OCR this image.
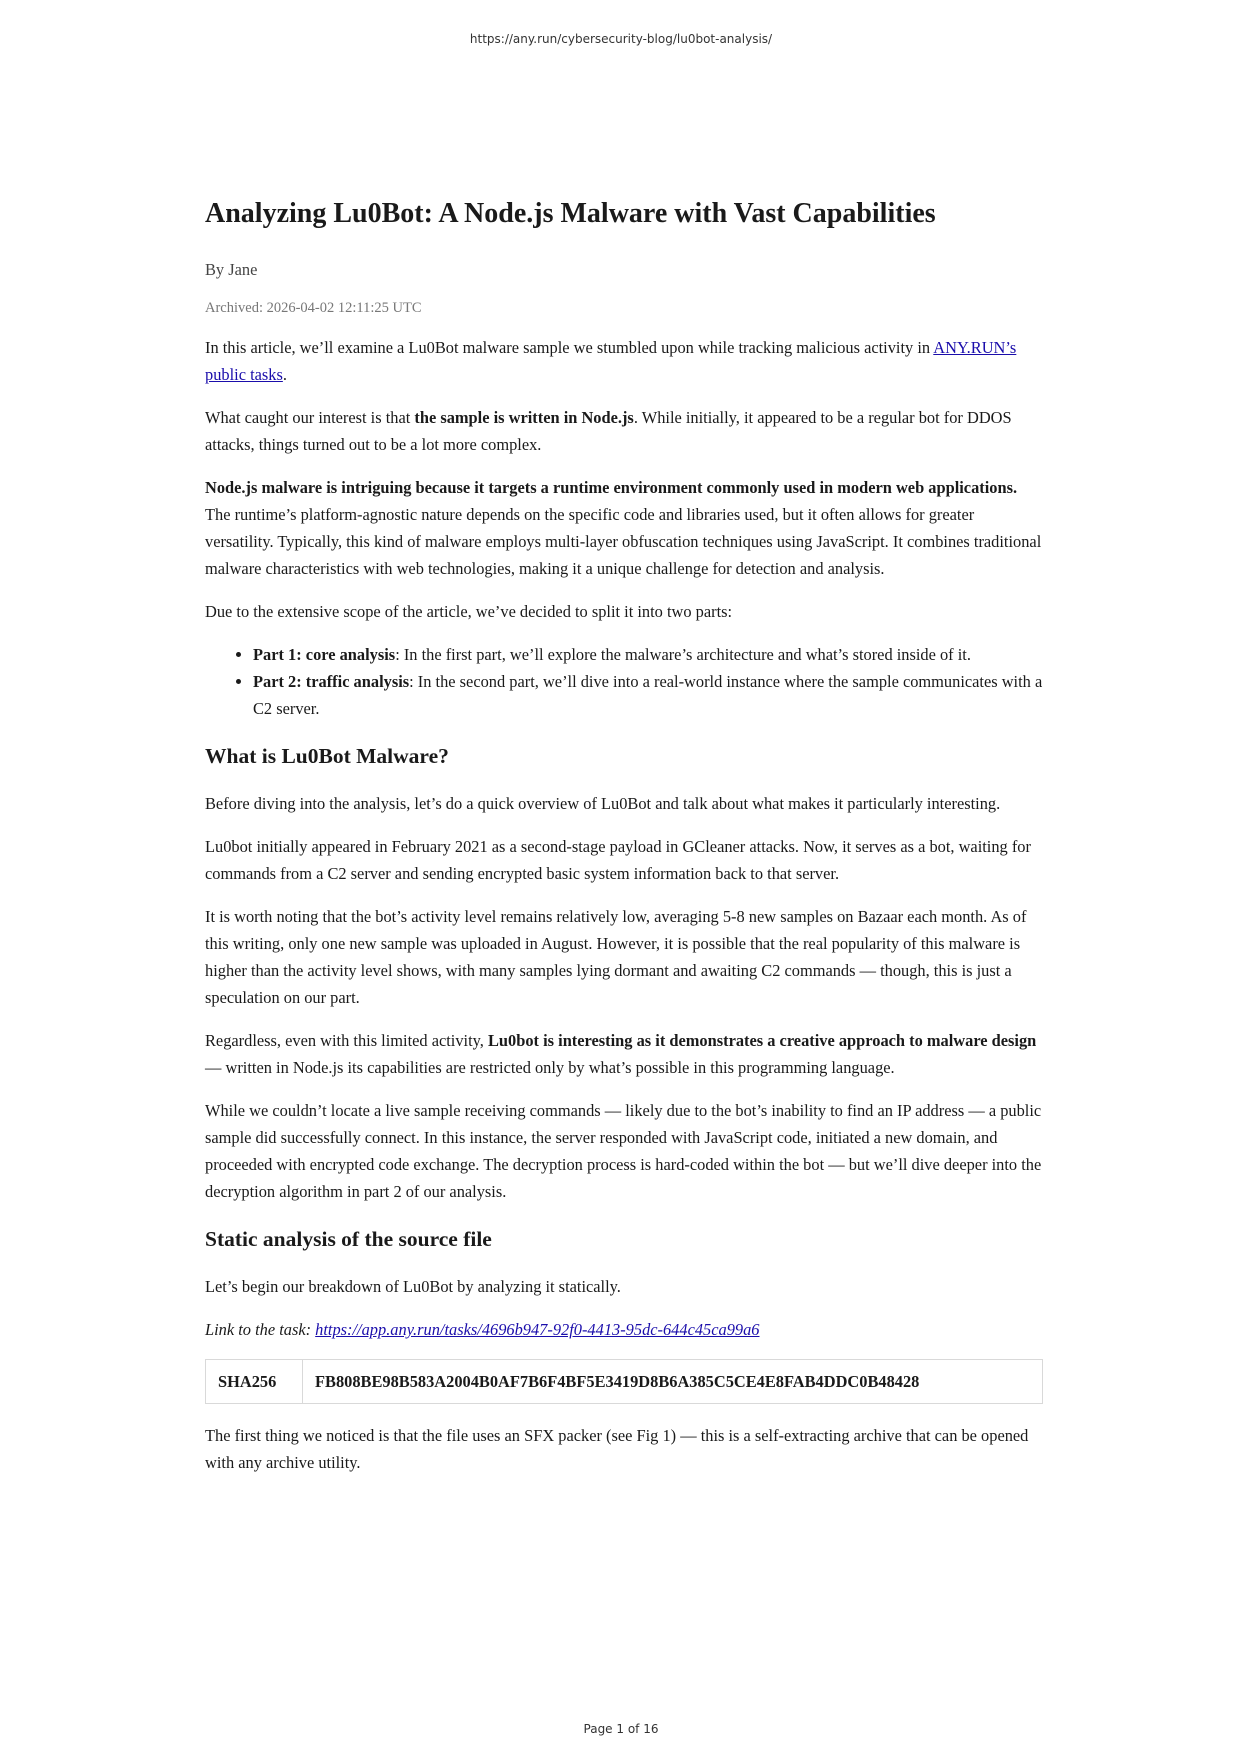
https://any.run/cybersecurity-blog/lu0bot-analysis/
Analyzing Lu0Bot: A Node.js Malware with Vast Capabilities
By Jane
Archived: 2026-04-02 12:11:25 UTC

In this article, we’ll examine a Lu0Bot malware sample we stumbled upon while tracking malicious activity in ANY.RUN’s public tasks.

What caught our interest is that the sample is written in Node.js. While initially, it appeared to be a regular bot for DDOS attacks, things turned out to be a lot more complex.

Node.js malware is intriguing because it targets a runtime environment commonly used in modern web applications. The runtime’s platform-agnostic nature depends on the specific code and libraries used, but it often allows for greater versatility. Typically, this kind of malware employs multi-layer obfuscation techniques using JavaScript. It combines traditional malware characteristics with web technologies, making it a unique challenge for detection and analysis.

Due to the extensive scope of the article, we’ve decided to split it into two parts:

• Part 1: core analysis: In the first part, we’ll explore the malware’s architecture and what’s stored inside of it.
• Part 2: traffic analysis: In the second part, we’ll dive into a real-world instance where the sample communicates with a C2 server.
What is Lu0Bot Malware?

Before diving into the analysis, let’s do a quick overview of Lu0Bot and talk about what makes it particularly interesting.

Lu0bot initially appeared in February 2021 as a second-stage payload in GCleaner attacks. Now, it serves as a bot, waiting for commands from a C2 server and sending encrypted basic system information back to that server.

It is worth noting that the bot’s activity level remains relatively low, averaging 5-8 new samples on Bazaar each month. As of this writing, only one new sample was uploaded in August. However, it is possible that the real popularity of this malware is higher than the activity level shows, with many samples lying dormant and awaiting C2 commands — though, this is just a speculation on our part.

Regardless, even with this limited activity, Lu0bot is interesting as it demonstrates a creative approach to malware design — written in Node.js its capabilities are restricted only by what’s possible in this programming language.

While we couldn’t locate a live sample receiving commands — likely due to the bot’s inability to find an IP address — a public sample did successfully connect. In this instance, the server responded with JavaScript code, initiated a new domain, and proceeded with encrypted code exchange. The decryption process is hard-coded within the bot — but we’ll dive deeper into the decryption algorithm in part 2 of our analysis.

Static analysis of the source file

Let’s begin our breakdown of Lu0Bot by analyzing it statically.

Link to the task: https://app.any.run/tasks/4696b947-92f0-4413-95dc-644c45ca99a6

SHA256	FB808BE98B583A2004B0AF7B6F4BF5E3419D8B6A385C5CE4E8FAB4DDC0B48428

The first thing we noticed is that the file uses an SFX packer (see Fig 1) — this is a self-extracting archive that can be opened with any archive utility.

Page 1 of 16
